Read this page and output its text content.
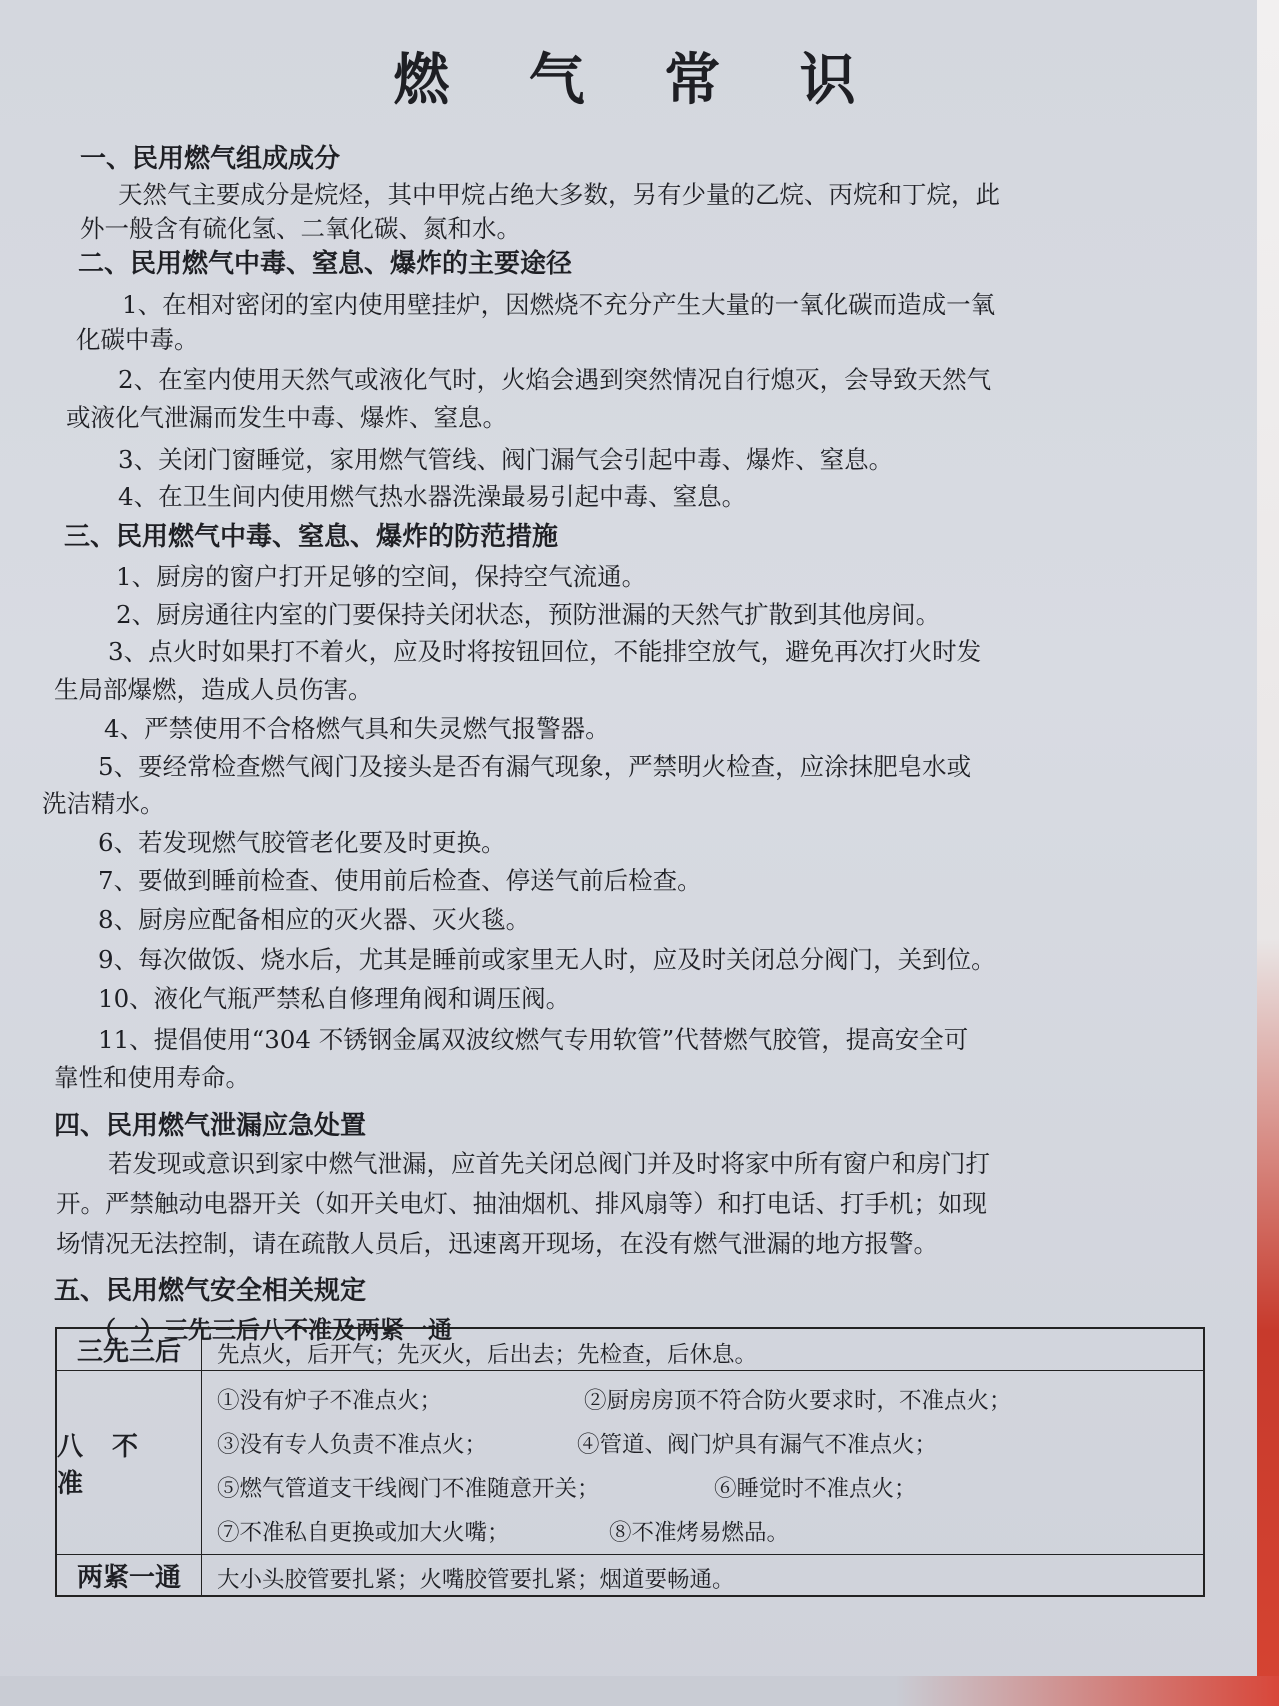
燃 气 常 识
一、民用燃气组成成分
天然气主要成分是烷烃，其中甲烷占绝大多数，另有少量的乙烷、丙烷和丁烷，此
外一般含有硫化氢、二氧化碳、氮和水。
二、民用燃气中毒、窒息、爆炸的主要途径
1、在相对密闭的室内使用壁挂炉，因燃烧不充分产生大量的一氧化碳而造成一氧
化碳中毒。
2、在室内使用天然气或液化气时，火焰会遇到突然情况自行熄灭，会导致天然气
或液化气泄漏而发生中毒、爆炸、窒息。
3、关闭门窗睡觉，家用燃气管线、阀门漏气会引起中毒、爆炸、窒息。
4、在卫生间内使用燃气热水器洗澡最易引起中毒、窒息。
三、民用燃气中毒、窒息、爆炸的防范措施
1、厨房的窗户打开足够的空间，保持空气流通。
2、厨房通往内室的门要保持关闭状态，预防泄漏的天然气扩散到其他房间。
3、点火时如果打不着火，应及时将按钮回位，不能排空放气，避免再次打火时发
生局部爆燃，造成人员伤害。
4、严禁使用不合格燃气具和失灵燃气报警器。
5、要经常检查燃气阀门及接头是否有漏气现象，严禁明火检查，应涂抹肥皂水或
洗洁精水。
6、若发现燃气胶管老化要及时更换。
7、要做到睡前检查、使用前后检查、停送气前后检查。
8、厨房应配备相应的灭火器、灭火毯。
9、每次做饭、烧水后，尤其是睡前或家里无人时，应及时关闭总分阀门，关到位。
10、液化气瓶严禁私自修理角阀和调压阀。
11、提倡使用“304 不锈钢金属双波纹燃气专用软管”代替燃气胶管，提高安全可
靠性和使用寿命。
四、民用燃气泄漏应急处置
若发现或意识到家中燃气泄漏，应首先关闭总阀门并及时将家中所有窗户和房门打
开。严禁触动电器开关（如开关电灯、抽油烟机、排风扇等）和打电话、打手机；如现
场情况无法控制，请在疏散人员后，迅速离开现场，在没有燃气泄漏的地方报警。
五、民用燃气安全相关规定
（一）三先三后八不准及两紧一通
三先三后	先点火，后开气；先灭火，后出去；先检查，后休息。
八 不 准
①没有炉子不准点火；	②厨房房顶不符合防火要求时，不准点火；
③没有专人负责不准点火；	④管道、阀门炉具有漏气不准点火；
⑤燃气管道支干线阀门不准随意开关；	⑥睡觉时不准点火；
⑦不准私自更换或加大火嘴；	⑧不准烤易燃品。
两紧一通	大小头胶管要扎紧；火嘴胶管要扎紧；烟道要畅通。
